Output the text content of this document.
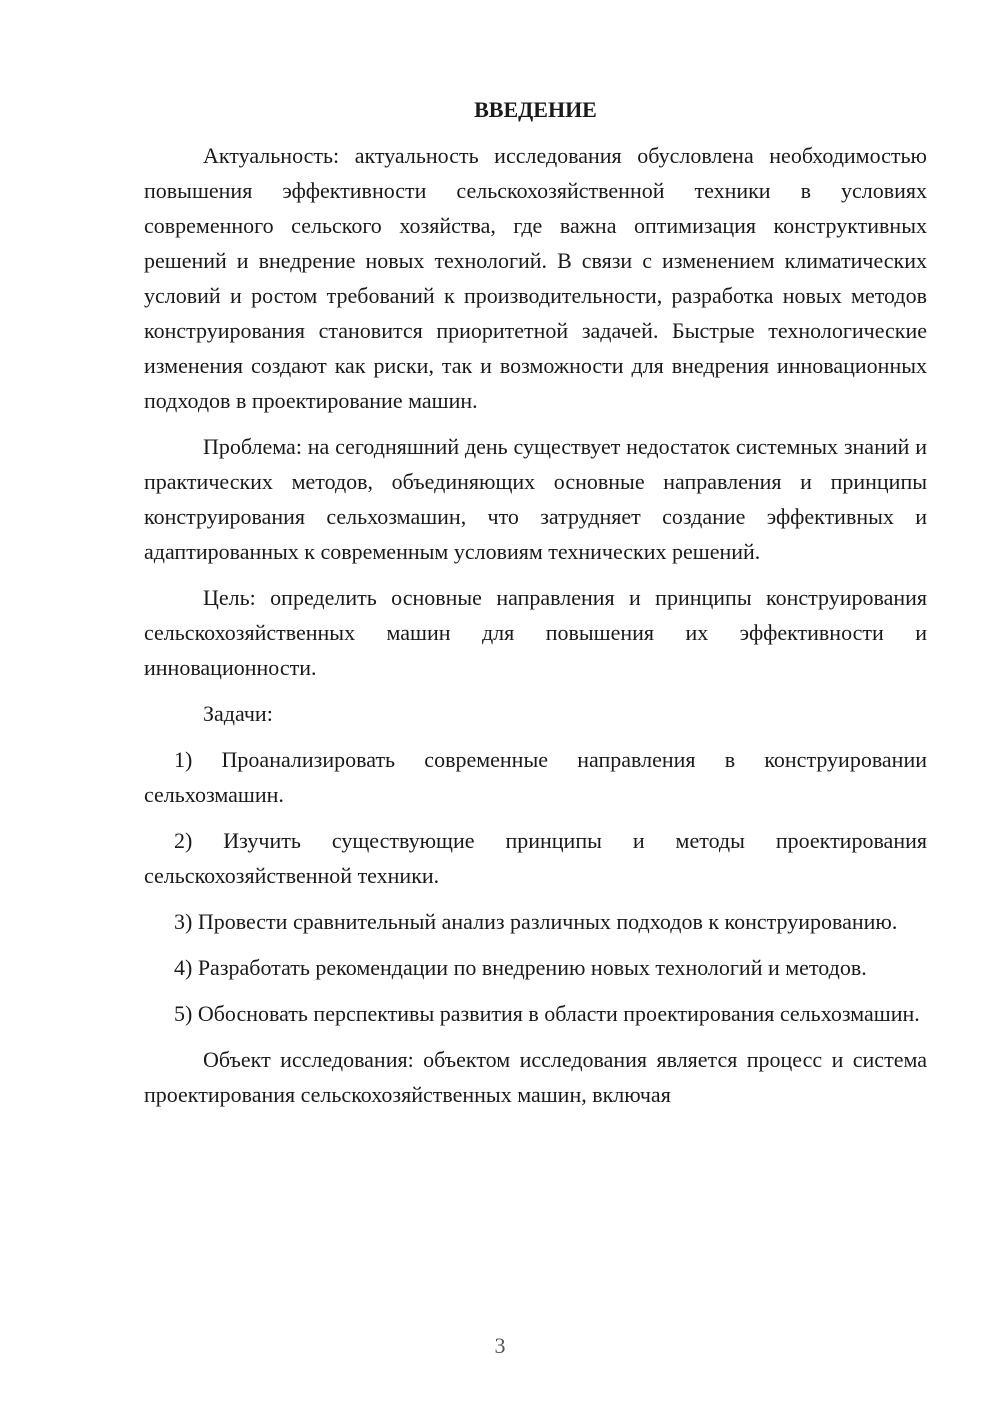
ВВЕДЕНИЕ

Актуальность: актуальность исследования обусловлена необходимостью повышения эффективности сельскохозяйственной техники в условиях современного сельского хозяйства, где важна оптимизация конструктивных решений и внедрение новых технологий. В связи с изменением климатических условий и ростом требований к производительности, разработка новых методов конструирования становится приоритетной задачей. Быстрые технологические изменения создают как риски, так и возможности для внедрения инновационных подходов в проектирование машин.

Проблема: на сегодняшний день существует недостаток системных знаний и практических методов, объединяющих основные направления и принципы конструирования сельхозмашин, что затрудняет создание эффективных и адаптированных к современным условиям технических решений.

Цель: определить основные направления и принципы конструирования сельскохозяйственных машин для повышения их эффективности и инновационности.

Задачи:

1) Проанализировать современные направления в конструировании сельхозмашин.

2) Изучить существующие принципы и методы проектирования сельскохозяйственной техники.

3) Провести сравнительный анализ различных подходов к конструированию.

4) Разработать рекомендации по внедрению новых технологий и методов.

5) Обосновать перспективы развития в области проектирования сельхозмашин.

Объект исследования: объектом исследования является процесс и система проектирования сельскохозяйственных машин, включая

3
